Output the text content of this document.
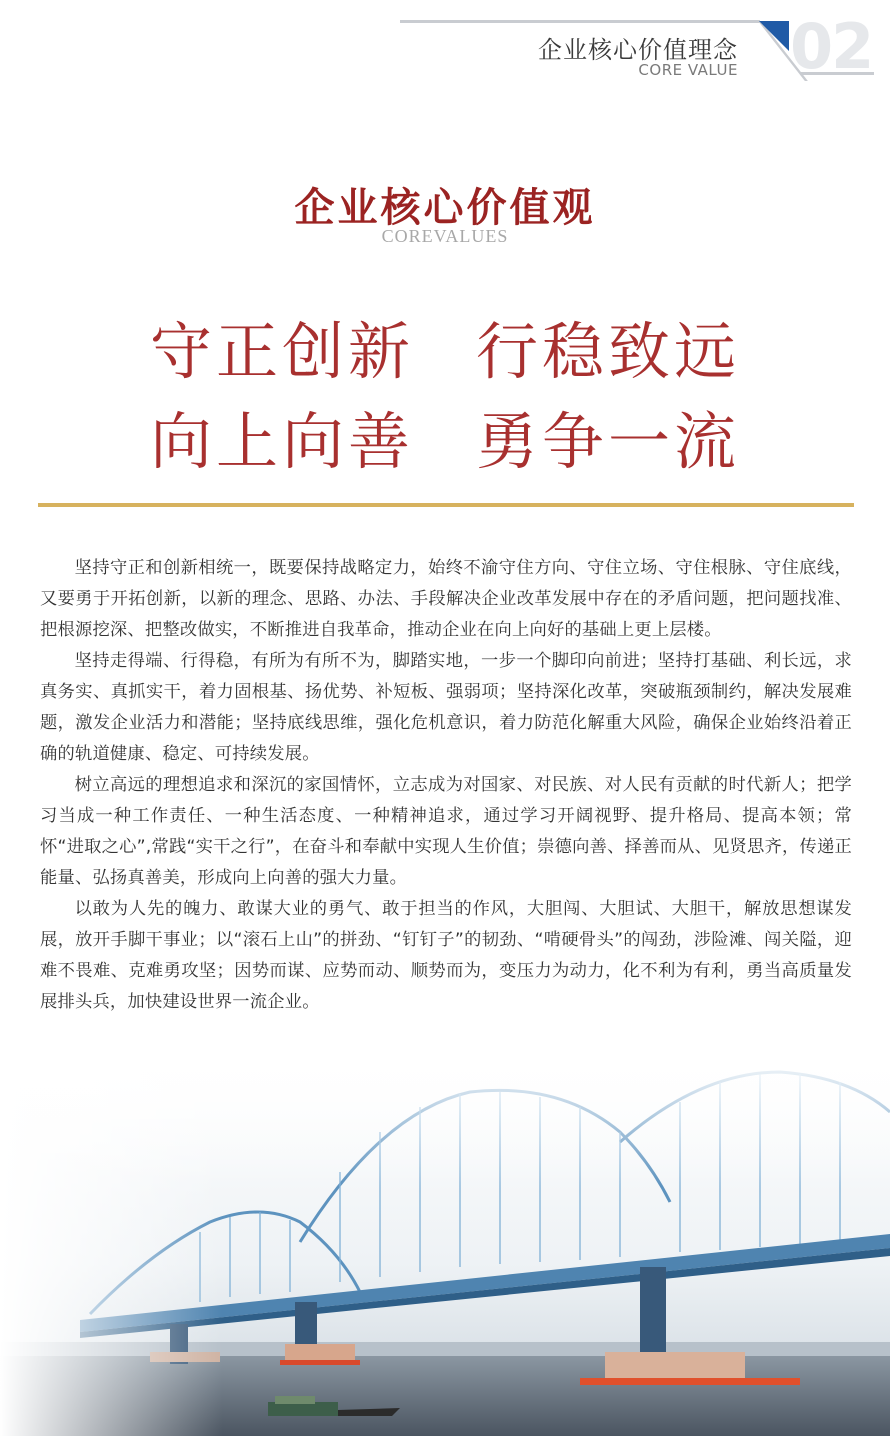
企业核心价值理念
CORE VALUE 02
企业核心价值观
COREVALUES
守正创新 行稳致远
向上向善 勇争一流

坚持守正和创新相统一，既要保持战略定力，始终不渝守住方向、守住立场、守住根脉、守住底线，又要勇于开拓创新，以新的理念、思路、办法、手段解决企业改革发展中存在的矛盾问题，把问题找准、把根源挖深、把整改做实，不断推进自我革命，推动企业在向上向好的基础上更上层楼。

坚持走得端、行得稳，有所为有所不为，脚踏实地，一步一个脚印向前进；坚持打基础、利长远，求真务实、真抓实干，着力固根基、扬优势、补短板、强弱项；坚持深化改革，突破瓶颈制约，解决发展难题，激发企业活力和潜能；坚持底线思维，强化危机意识，着力防范化解重大风险，确保企业始终沿着正确的轨道健康、稳定、可持续发展。

树立高远的理想追求和深沉的家国情怀，立志成为对国家、对民族、对人民有贡献的时代新人；把学习当成一种工作责任、一种生活态度、一种精神追求，通过学习开阔视野、提升格局、提高本领；常怀“进取之心”,常践“实干之行”，在奋斗和奉献中实现人生价值；崇德向善、择善而从、见贤思齐，传递正能量、弘扬真善美，形成向上向善的强大力量。

以敢为人先的魄力、敢谋大业的勇气、敢于担当的作风，大胆闯、大胆试、大胆干，解放思想谋发展，放开手脚干事业；以“滚石上山”的拼劲、“钉钉子”的韧劲、“啃硬骨头”的闯劲，涉险滩、闯关隘，迎难不畏难、克难勇攻坚；因势而谋、应势而动、顺势而为，变压力为动力，化不利为有利，勇当高质量发展排头兵，加快建设世界一流企业。
